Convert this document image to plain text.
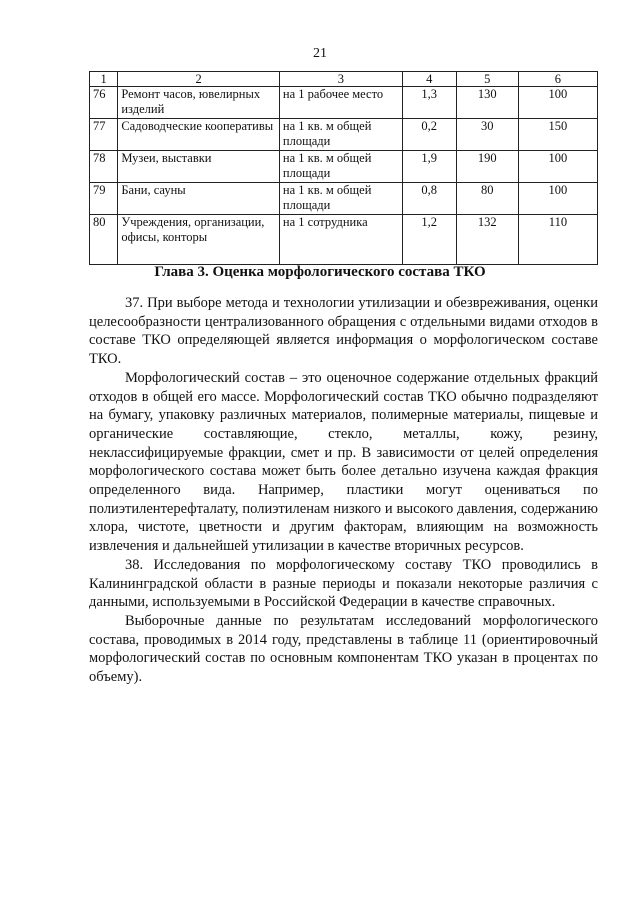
21
1	2	3	4	5	6
76	Ремонт часов, ювелирных изделий	на 1 рабочее место	1,3	130	100
77	Садоводческие кооперативы	на 1 кв. м общей площади	0,2	30	150
78	Музеи, выставки	на 1 кв. м общей площади	1,9	190	100
79	Бани, сауны	на 1 кв. м общей площади	0,8	80	100
80	Учреждения, организации, офисы, конторы	на 1 сотрудника	1,2	132	110
Глава 3. Оценка морфологического состава ТКО

37. При выборе метода и технологии утилизации и обезвреживания, оценки целесообразности централизованного обращения с отдельными видами отходов в составе ТКО определяющей является информация о морфологическом составе ТКО.

Морфологический состав – это оценочное содержание отдельных фракций отходов в общей его массе. Морфологический состав ТКО обычно подразделяют на бумагу, упаковку различных материалов, полимерные материалы, пищевые и органические составляющие, стекло, металлы, кожу, резину, неклассифицируемые фракции, смет и пр. В зависимости от целей определения морфологического состава может быть более детально изучена каждая фракция определенного вида. Например, пластики могут оцениваться по полиэтилентерефталату, полиэтиленам низкого и высокого давления, содержанию хлора, чистоте, цветности и другим факторам, влияющим на возможность извлечения и дальнейшей утилизации в качестве вторичных ресурсов.

38. Исследования по морфологическому составу ТКО проводились в Калининградской области в разные периоды и показали некоторые различия с данными, используемыми в Российской Федерации в качестве справочных.

Выборочные данные по результатам исследований морфологического состава, проводимых в 2014 году, представлены в таблице 11 (ориентировочный морфологический состав по основным компонентам ТКО указан в процентах по объему).
